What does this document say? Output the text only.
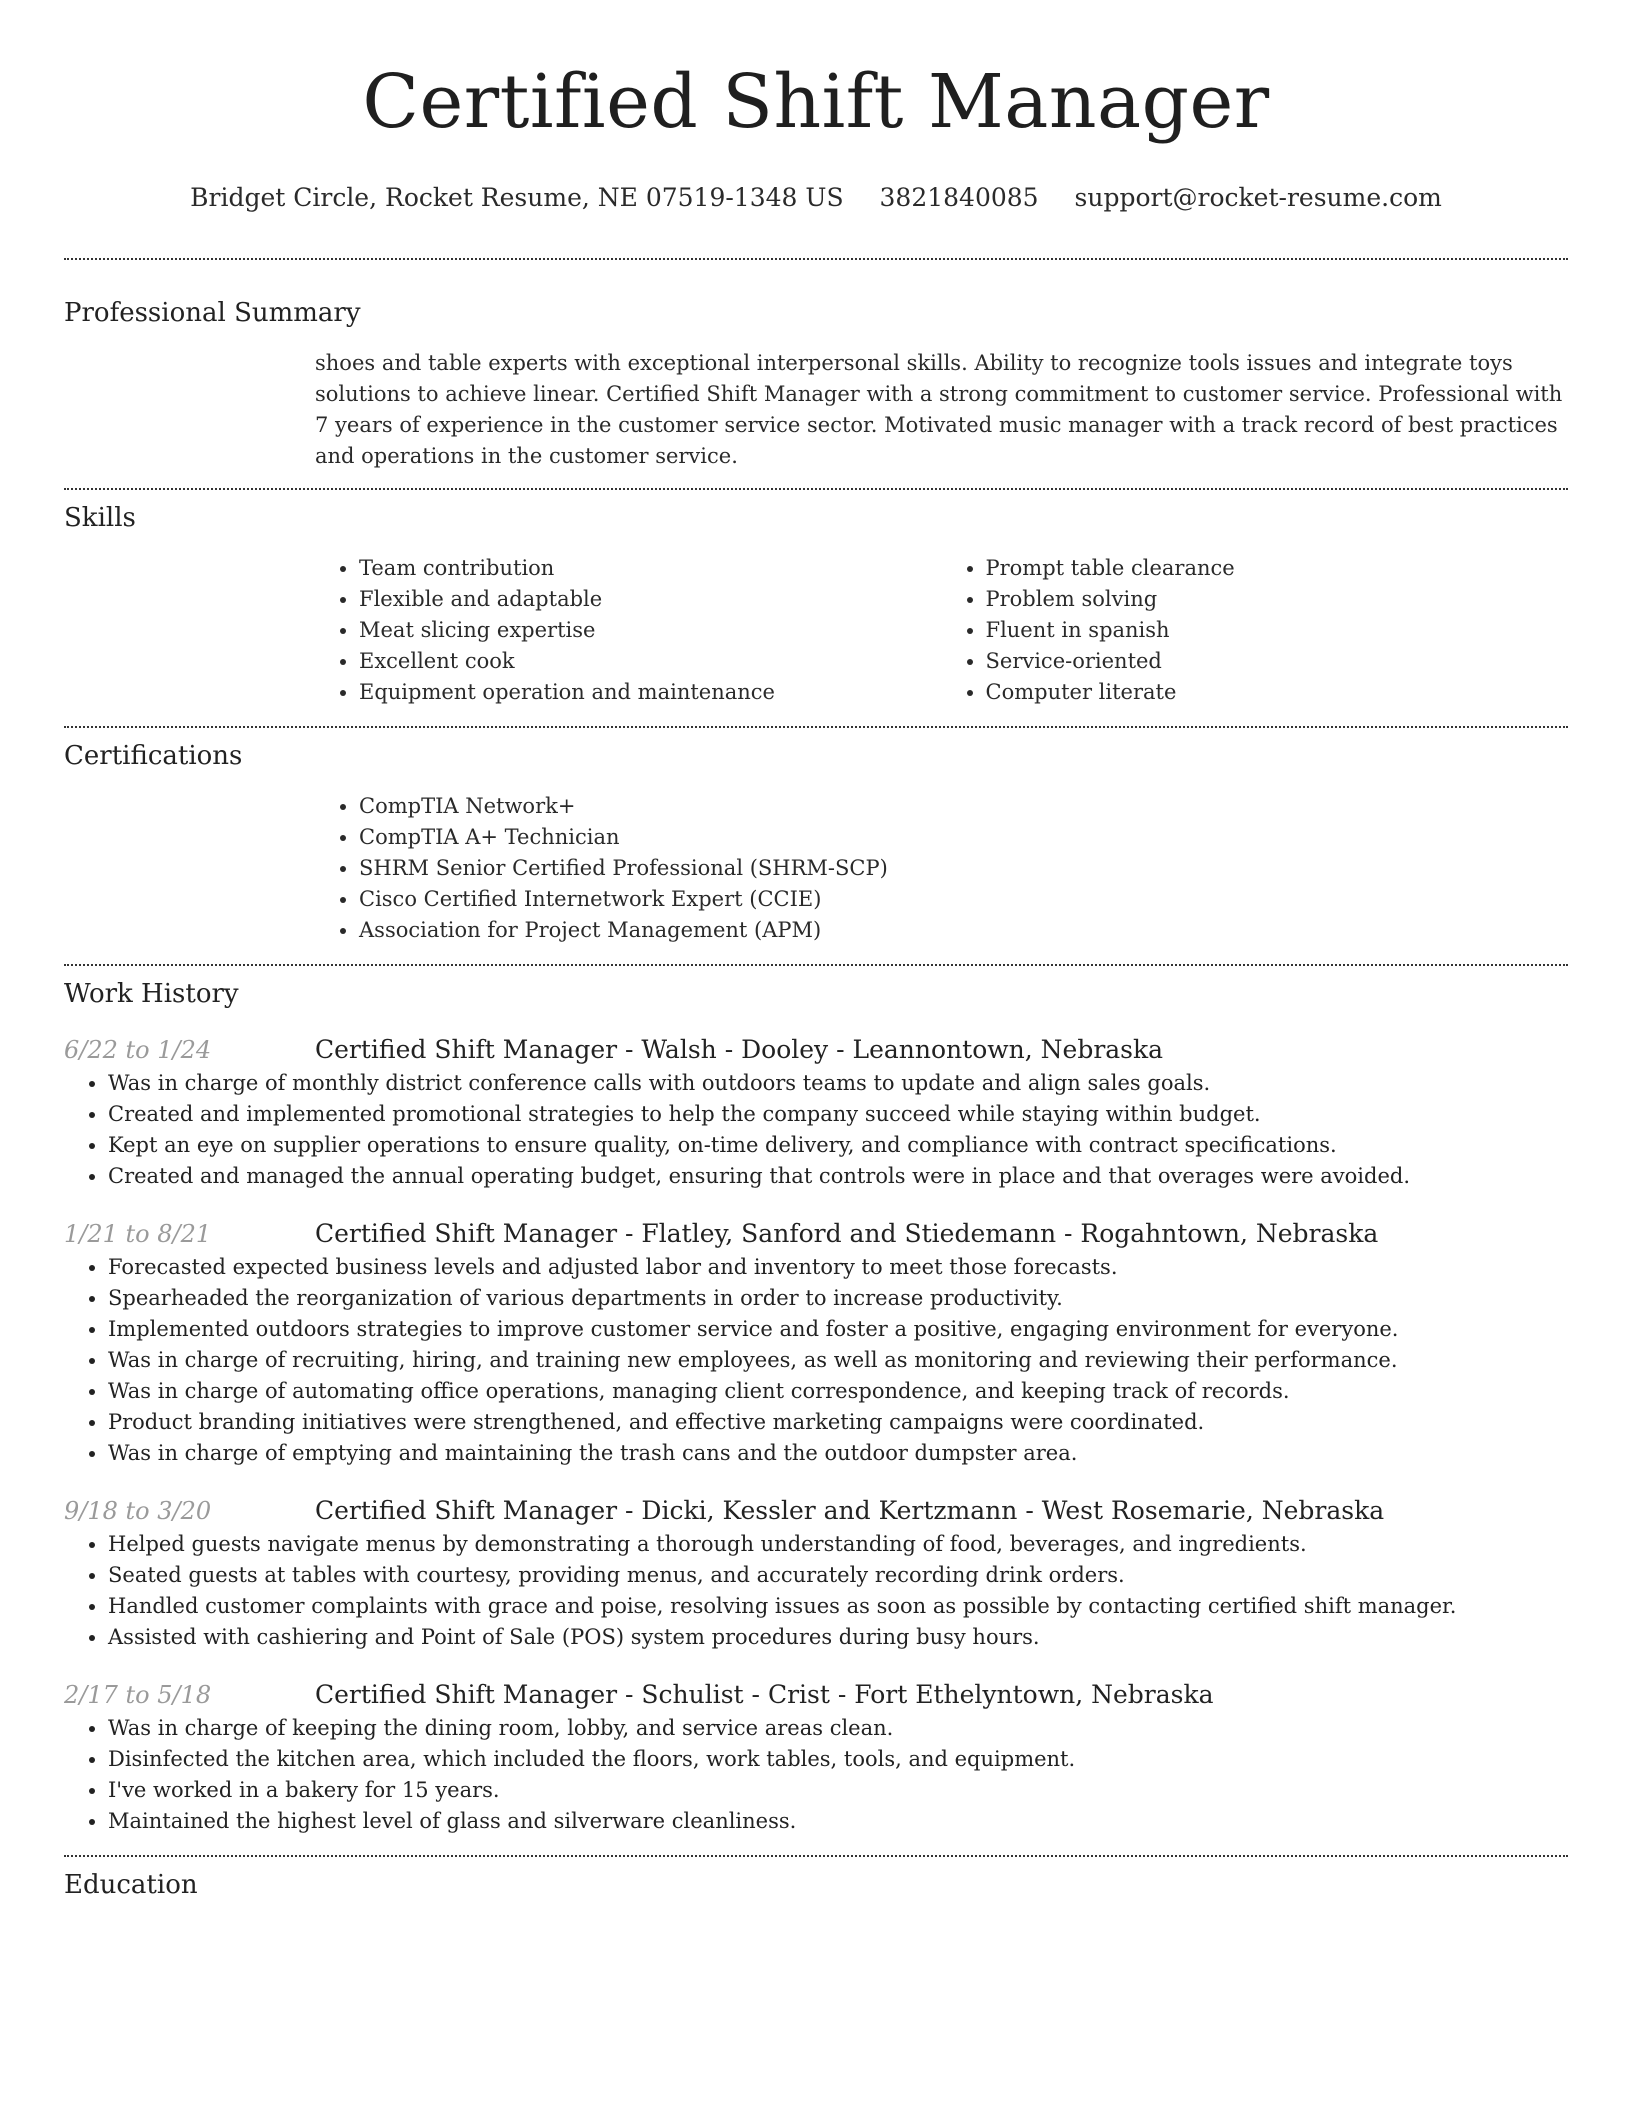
Certified Shift Manager
Bridget Circle, Rocket Resume, NE 07519-1348 US 3821840085 support@rocket-resume.com
Professional Summary
shoes and table experts with exceptional interpersonal skills. Ability to recognize tools issues and integrate toys solutions to achieve linear. Certified Shift Manager with a strong commitment to customer service. Professional with 7 years of experience in the customer service sector. Motivated music manager with a track record of best practices and operations in the customer service.
Skills
• Team contribution
• Flexible and adaptable
• Meat slicing expertise
• Excellent cook
• Equipment operation and maintenance
• Prompt table clearance
• Problem solving
• Fluent in spanish
• Service-oriented
• Computer literate
Certifications
• CompTIA Network+
• CompTIA A+ Technician
• SHRM Senior Certified Professional (SHRM-SCP)
• Cisco Certified Internetwork Expert (CCIE)
• Association for Project Management (APM)
Work History
6/22 to 1/24	Certified Shift Manager - Walsh - Dooley - Leannontown, Nebraska
• Was in charge of monthly district conference calls with outdoors teams to update and align sales goals.
• Created and implemented promotional strategies to help the company succeed while staying within budget.
• Kept an eye on supplier operations to ensure quality, on-time delivery, and compliance with contract specifications.
• Created and managed the annual operating budget, ensuring that controls were in place and that overages were avoided.
1/21 to 8/21	Certified Shift Manager - Flatley, Sanford and Stiedemann - Rogahntown, Nebraska
• Forecasted expected business levels and adjusted labor and inventory to meet those forecasts.
• Spearheaded the reorganization of various departments in order to increase productivity.
• Implemented outdoors strategies to improve customer service and foster a positive, engaging environment for everyone.
• Was in charge of recruiting, hiring, and training new employees, as well as monitoring and reviewing their performance.
• Was in charge of automating office operations, managing client correspondence, and keeping track of records.
• Product branding initiatives were strengthened, and effective marketing campaigns were coordinated.
• Was in charge of emptying and maintaining the trash cans and the outdoor dumpster area.
9/18 to 3/20	Certified Shift Manager - Dicki, Kessler and Kertzmann - West Rosemarie, Nebraska
• Helped guests navigate menus by demonstrating a thorough understanding of food, beverages, and ingredients.
• Seated guests at tables with courtesy, providing menus, and accurately recording drink orders.
• Handled customer complaints with grace and poise, resolving issues as soon as possible by contacting certified shift manager.
• Assisted with cashiering and Point of Sale (POS) system procedures during busy hours.
2/17 to 5/18	Certified Shift Manager - Schulist - Crist - Fort Ethelyntown, Nebraska
• Was in charge of keeping the dining room, lobby, and service areas clean.
• Disinfected the kitchen area, which included the floors, work tables, tools, and equipment.
• I've worked in a bakery for 15 years.
• Maintained the highest level of glass and silverware cleanliness.
Education
